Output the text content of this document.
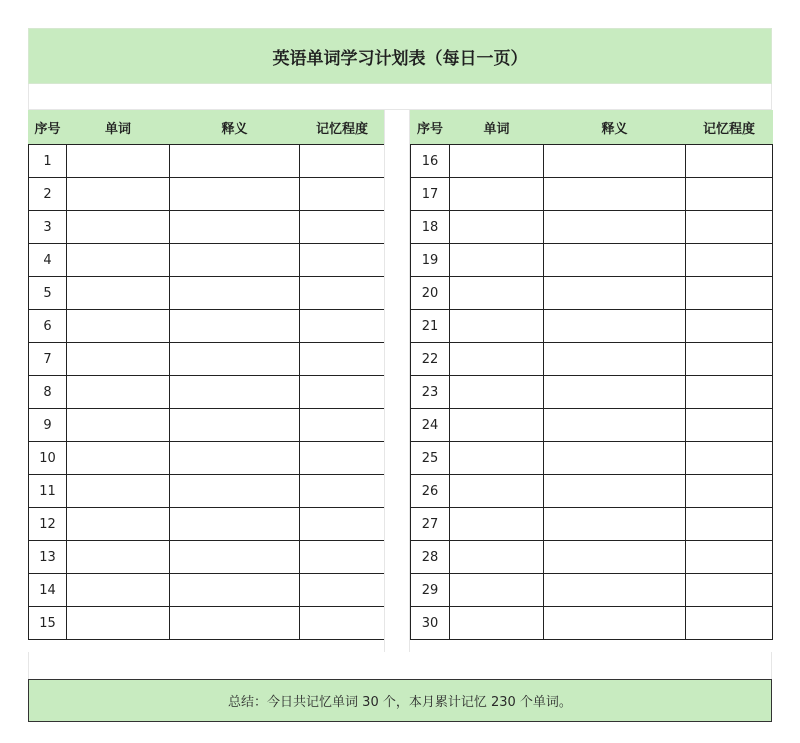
英语单词学习计划表（每日一页）
序号	单词	释义	记忆程度
1			
2			
3			
4			
5			
6			
7			
8			
9			
10			
11			
12			
13			
14			
15			
序号	单词	释义	记忆程度
16			
17			
18			
19			
20			
21			
22			
23			
24			
25			
26			
27			
28			
29			
30			
总结：今日共记忆单词 30 个，本月累计记忆 230 个单词。
